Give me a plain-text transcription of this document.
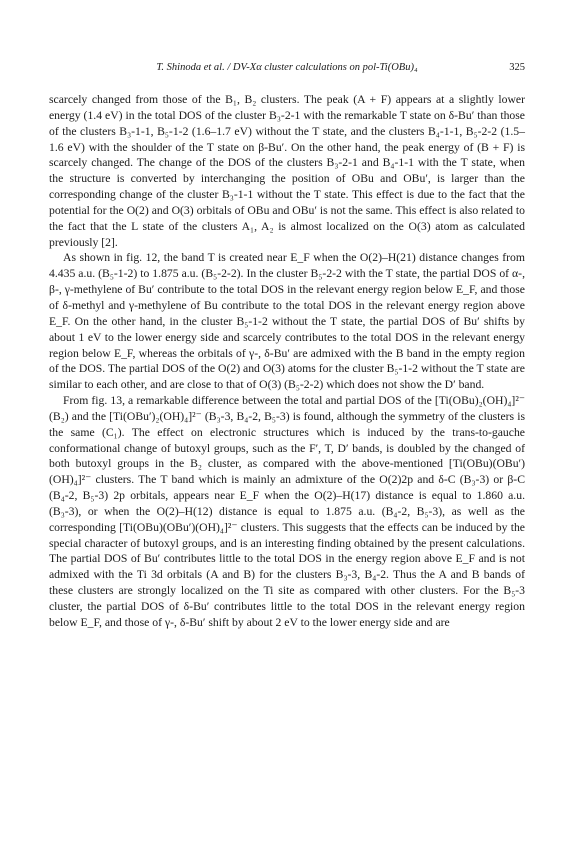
T. Shinoda et al. / DV-Xα cluster calculations on pol-Ti(OBu)₄	325

scarcely changed from those of the B₁, B₂ clusters. The peak (A + F) appears at a slightly lower energy (1.4 eV) in the total DOS of the cluster B₃-2-1 with the remarkable T state on δ-Bu′ than those of the clusters B₃-1-1, B₅-1-2 (1.6–1.7 eV) without the T state, and the clusters B₄-1-1, B₅-2-2 (1.5–1.6 eV) with the shoulder of the T state on β-Bu′. On the other hand, the peak energy of (B + F) is scarcely changed. The change of the DOS of the clusters B₃-2-1 and B₄-1-1 with the T state, when the structure is converted by interchanging the position of OBu and OBu′, is larger than the corresponding change of the cluster B₃-1-1 without the T state. This effect is due to the fact that the potential for the O(2) and O(3) orbitals of OBu and OBu′ is not the same. This effect is also related to the fact that the L state of the clusters A₁, A₂ is almost localized on the O(3) atom as calculated previously [2].

As shown in fig. 12, the band T is created near E_F when the O(2)–H(21) distance changes from 4.435 a.u. (B₅-1-2) to 1.875 a.u. (B₅-2-2). In the cluster B₅-2-2 with the T state, the partial DOS of α-, β-, γ-methylene of Bu′ contribute to the total DOS in the relevant energy region below E_F, and those of δ-methyl and γ-methylene of Bu contribute to the total DOS in the relevant energy region above E_F. On the other hand, in the cluster B₅-1-2 without the T state, the partial DOS of Bu′ shifts by about 1 eV to the lower energy side and scarcely contributes to the total DOS in the relevant energy region below E_F, whereas the orbitals of γ-, δ-Bu′ are admixed with the B band in the empty region of the DOS. The partial DOS of the O(2) and O(3) atoms for the cluster B₅-1-2 without the T state are similar to each other, and are close to that of O(3) (B₅-2-2) which does not show the D′ band.

From fig. 13, a remarkable difference between the total and partial DOS of the [Ti(OBu)₂(OH)₄]²⁻ (B₂) and the [Ti(OBu′)₂(OH)₄]²⁻ (B₃-3, B₄-2, B₅-3) is found, although the symmetry of the clusters is the same (C₁). The effect on electronic structures which is induced by the trans-to-gauche conformational change of butoxyl groups, such as the F′, T, D′ bands, is doubled by the changed of both butoxyl groups in the B₂ cluster, as compared with the above-mentioned [Ti(OBu)(OBu′)(OH)₄]²⁻ clusters. The T band which is mainly an admixture of the O(2)2p and δ-C (B₃-3) or β-C (B₄-2, B₅-3) 2p orbitals, appears near E_F when the O(2)–H(17) distance is equal to 1.860 a.u. (B₃-3), or when the O(2)–H(12) distance is equal to 1.875 a.u. (B₄-2, B₅-3), as well as the corresponding [Ti(OBu)(OBu′)(OH)₄]²⁻ clusters. This suggests that the effects can be induced by the special character of butoxyl groups, and is an interesting finding obtained by the present calculations. The partial DOS of Bu′ contributes little to the total DOS in the energy region above E_F and is not admixed with the Ti 3d orbitals (A and B) for the clusters B₃-3, B₄-2. Thus the A and B bands of these clusters are strongly localized on the Ti site as compared with other clusters. For the B₅-3 cluster, the partial DOS of δ-Bu′ contributes little to the total DOS in the relevant energy region below E_F, and those of γ-, δ-Bu′ shift by about 2 eV to the lower energy side and are
